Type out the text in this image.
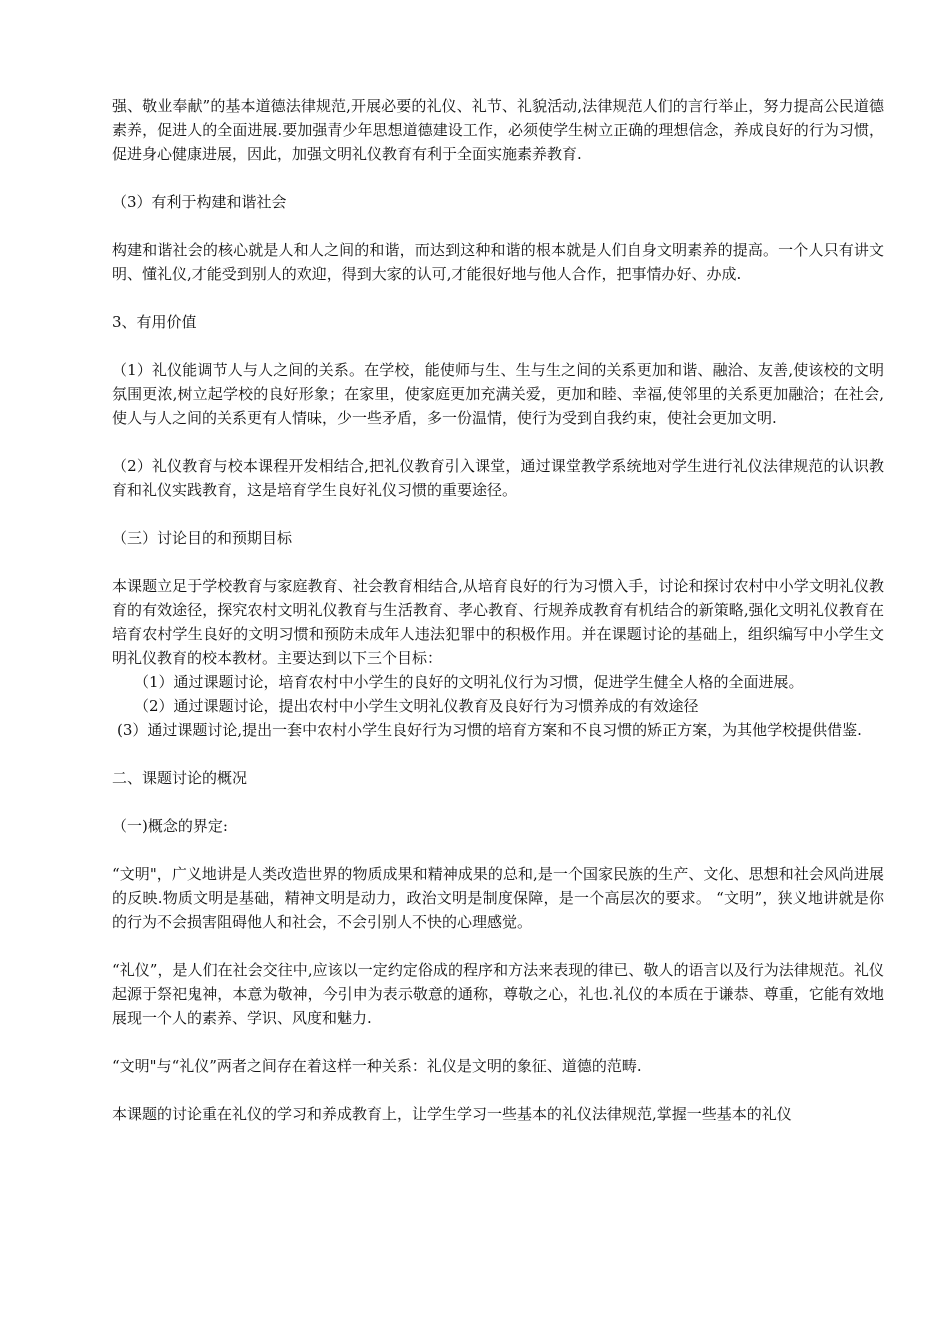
强、敬业奉献”的基本道德法律规范,开展必要的礼仪、礼节、礼貌活动,法律规范人们的言行举止，努力提高公民道德素养，促进人的全面进展.要加强青少年思想道德建设工作，必须使学生树立正确的理想信念，养成良好的行为习惯，促进身心健康进展，因此，加强文明礼仪教育有利于全面实施素养教育.

（3）有利于构建和谐社会

构建和谐社会的核心就是人和人之间的和谐，而达到这种和谐的根本就是人们自身文明素养的提高。一个人只有讲文明、懂礼仪,才能受到别人的欢迎，得到大家的认可,才能很好地与他人合作，把事情办好、办成.

3、有用价值

（1）礼仪能调节人与人之间的关系。在学校，能使师与生、生与生之间的关系更加和谐、融洽、友善,使该校的文明氛围更浓,树立起学校的良好形象；在家里，使家庭更加充满关爱，更加和睦、幸福,使邻里的关系更加融洽；在社会,使人与人之间的关系更有人情味，少一些矛盾，多一份温情，使行为受到自我约束，使社会更加文明.

（2）礼仪教育与校本课程开发相结合,把礼仪教育引入课堂，通过课堂教学系统地对学生进行礼仪法律规范的认识教育和礼仪实践教育，这是培育学生良好礼仪习惯的重要途径。

（三）讨论目的和预期目标

本课题立足于学校教育与家庭教育、社会教育相结合,从培育良好的行为习惯入手，讨论和探讨农村中小学文明礼仪教育的有效途径，探究农村文明礼仪教育与生活教育、孝心教育、行规养成教育有机结合的新策略,强化文明礼仪教育在培育农村学生良好的文明习惯和预防未成年人违法犯罪中的积极作用。并在课题讨论的基础上，组织编写中小学生文明礼仪教育的校本教材。主要达到以下三个目标：

（1）通过课题讨论，培育农村中小学生的良好的文明礼仪行为习惯，促进学生健全人格的全面进展。

（2）通过课题讨论，提出农村中小学生文明礼仪教育及良好行为习惯养成的有效途径

(3）通过课题讨论,提出一套中农村小学生良好行为习惯的培育方案和不良习惯的矫正方案，为其他学校提供借鉴.

二、课题讨论的概况

（一)概念的界定:

“文明"，广义地讲是人类改造世界的物质成果和精神成果的总和,是一个国家民族的生产、文化、思想和社会风尚进展的反映.物质文明是基础，精神文明是动力，政治文明是制度保障，是一个高层次的要求。 “文明”，狭义地讲就是你的行为不会损害阻碍他人和社会，不会引别人不快的心理感觉。

“礼仪”，是人们在社会交往中,应该以一定约定俗成的程序和方法来表现的律已、敬人的语言以及行为法律规范。礼仪起源于祭祀鬼神，本意为敬神，今引申为表示敬意的通称，尊敬之心，礼也.礼仪的本质在于谦恭、尊重，它能有效地展现一个人的素养、学识、风度和魅力.

“文明"与“礼仪”两者之间存在着这样一种关系：礼仪是文明的象征、道德的范畴.

本课题的讨论重在礼仪的学习和养成教育上，让学生学习一些基本的礼仪法律规范,掌握一些基本的礼仪
